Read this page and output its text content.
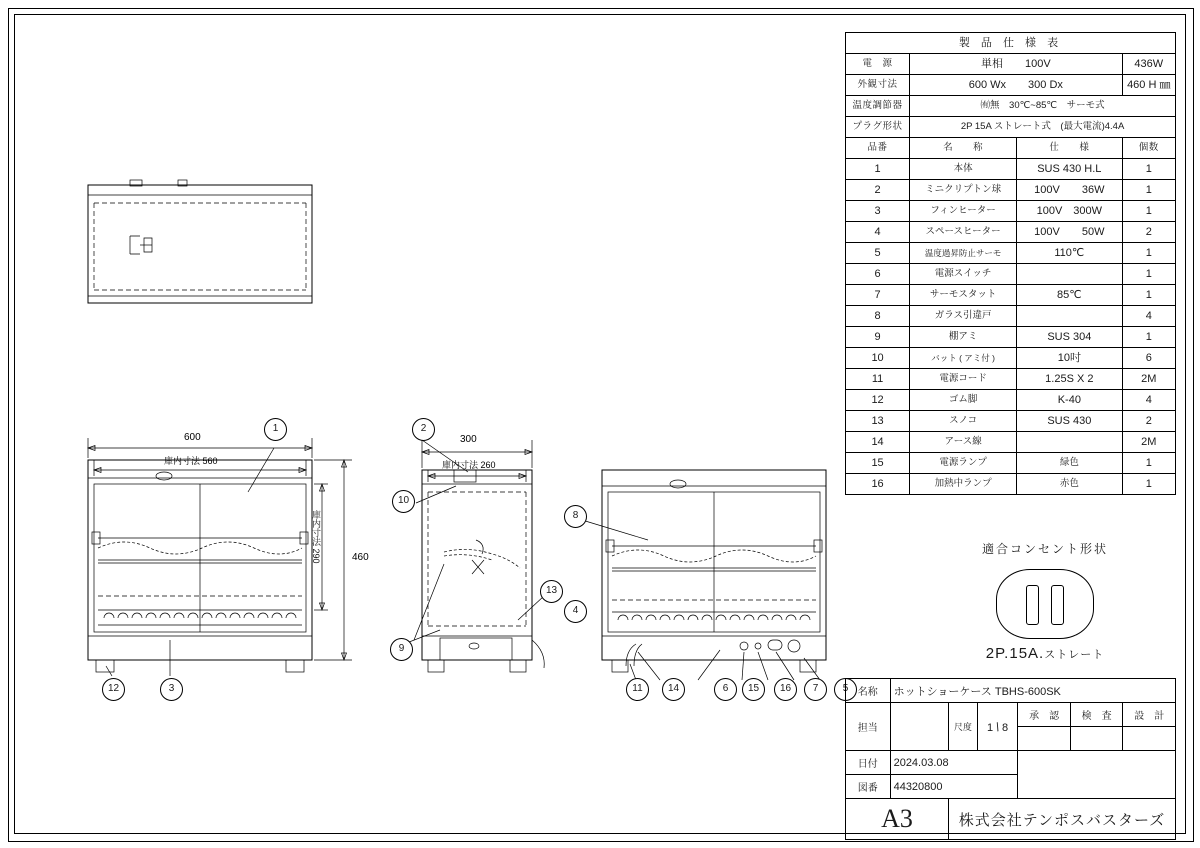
600
庫内寸法 560
460
庫内寸法 290
300
庫内寸法 260
1	2
10
9
13
4
8
12	3	11	14	6	15	16	7	5
製 品 仕 様 表			
電　源	単相　　100V		436W
外観寸法	600 Wx　　300 Dx		460 H ㎜
温度調節器	㈲無　30℃~85℃　サーモ式		
プラグ形状	2P 15A ストレート式　(最大電流)4.4A		
品番	名　　称	仕　　様	個数
1	本体	SUS 430 H.L	1
2	ミニクリプトン球	100V　　36W	1
3	フィンヒーター	100V　300W	1
4	スペースヒーター	100V　　50W	2
5	温度過昇防止サーモ	110℃	1
6	電源スイッチ		1
7	サーモスタット	85℃	1
8	ガラス引違戸		4
9	棚アミ	SUS 304	1
10	バット ( アミ付 )	10吋	6
11	電源コード	1.25S X 2	2M
12	ゴム脚	K-40	4
13	スノコ	SUS 430	2
14	アース線		2M
15	電源ランプ	緑色	1
16	加熱中ランプ	赤色	1
適合コンセント形状
2P.15A.ストレート
名称	ホットショーケース TBHS-600SK					
担当		尺度	1 / 8	承　認	検　査	設　計

日付	2024.03.08					
図番	44320800					
A3		株式会社テンポスバスターズ				
